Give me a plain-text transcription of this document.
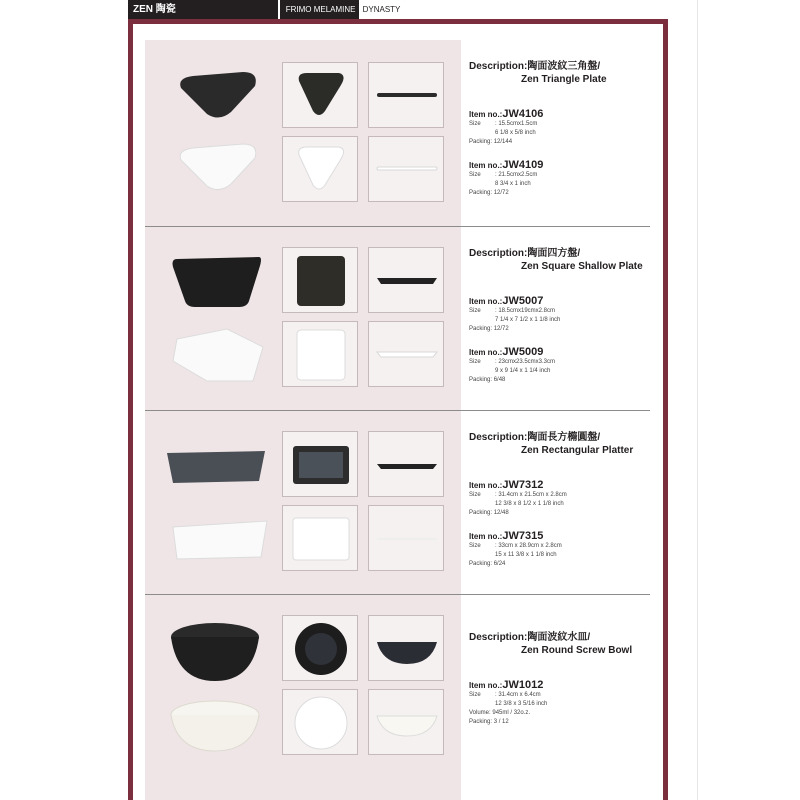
ZEN 陶瓷	FRIMO MELAMINE DYNASTY
Description:陶面波紋三角盤/
Zen Triangle Plate
Item no.:JW4106
Size	: 15.5cmx1.5cm
6 1/8 x 5/8 inch
Packing: 12/144
Item no.:JW4109
Size	: 21.5cmx2.5cm
8 3/4 x 1 inch
Packing: 12/72
Description:陶面四方盤/
Zen Square Shallow Plate
Item no.:JW5007
Size	: 18.5cmx19cmx2.8cm
7 1/4 x 7 1/2 x 1 1/8 inch
Packing: 12/72
Item no.:JW5009
Size	: 23cmx23.5cmx3.3cm
9 x 9 1/4 x 1 1/4 inch
Packing: 6/48
Description:陶面長方橢圓盤/
Zen Rectangular Platter
Item no.:JW7312
Size	: 31.4cm x 21.5cm x 2.8cm
12 3/8 x 8 1/2 x 1 1/8 inch
Packing: 12/48
Item no.:JW7315
Size	: 33cm x 28.9cm x 2.8cm
15 x 11 3/8 x 1 1/8 inch
Packing: 6/24
Description:陶面波紋水皿/
Zen Round Screw Bowl
Item no.:JW1012
Size	: 31.4cm x 6.4cm
12 3/8 x 3 5/16 inch
Volume: 945ml / 32o.z.
Packing: 3 / 12
